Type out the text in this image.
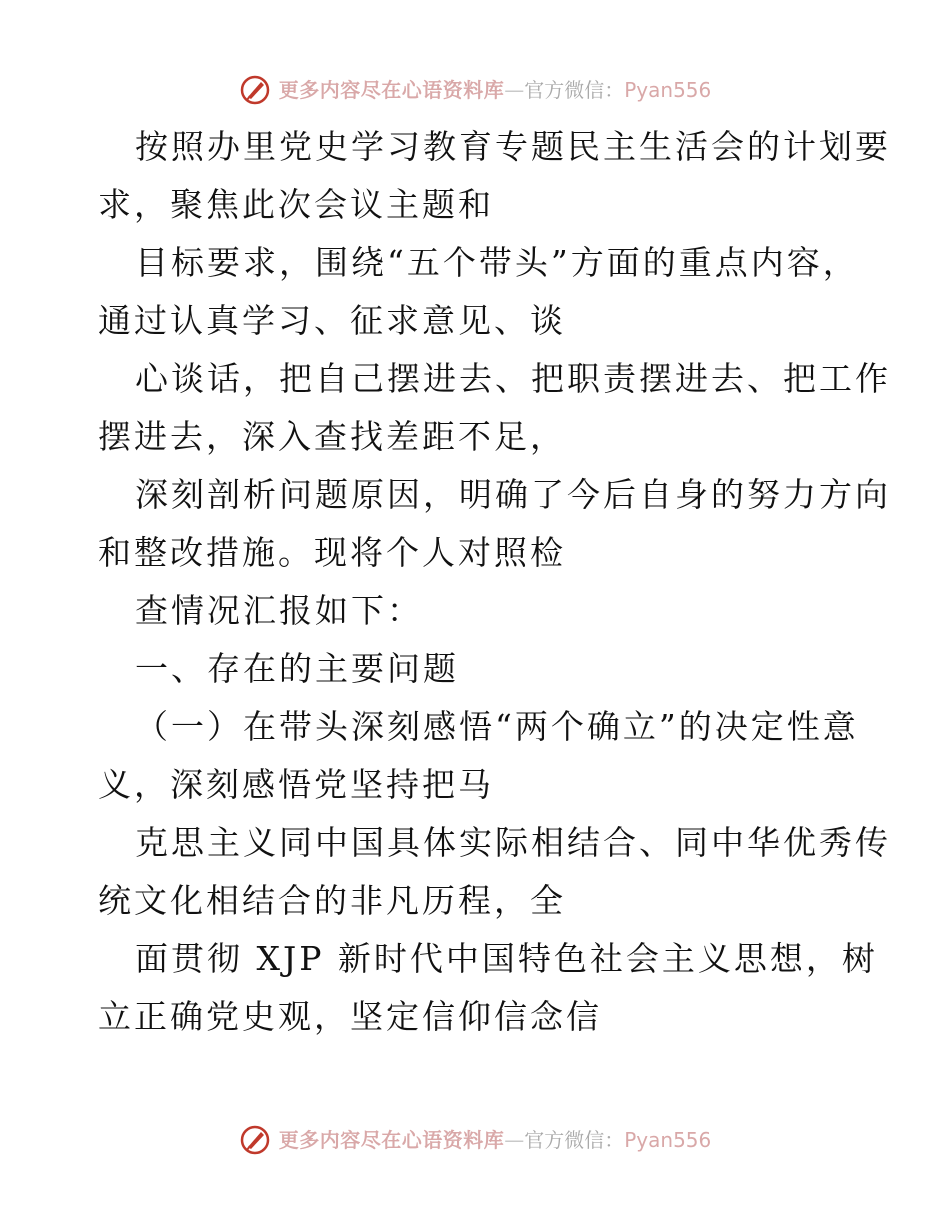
更多内容尽在心语资料库 — 官方微信： Pyan556
按照办里党史学习教育专题民主生活会的计划要
求，聚焦此次会议主题和
目标要求，围绕“五个带头”方面的重点内容，
通过认真学习、征求意见、谈
心谈话，把自己摆进去、把职责摆进去、把工作
摆进去，深入查找差距不足，
深刻剖析问题原因，明确了今后自身的努力方向
和整改措施。现将个人对照检
查情况汇报如下：
一、存在的主要问题
（一）在带头深刻感悟“两个确立”的决定性意
义，深刻感悟党坚持把马
克思主义同中国具体实际相结合、同中华优秀传
统文化相结合的非凡历程，全
面贯彻 XJP 新时代中国特色社会主义思想，树
立正确党史观，坚定信仰信念信
更多内容尽在心语资料库 — 官方微信： Pyan556
